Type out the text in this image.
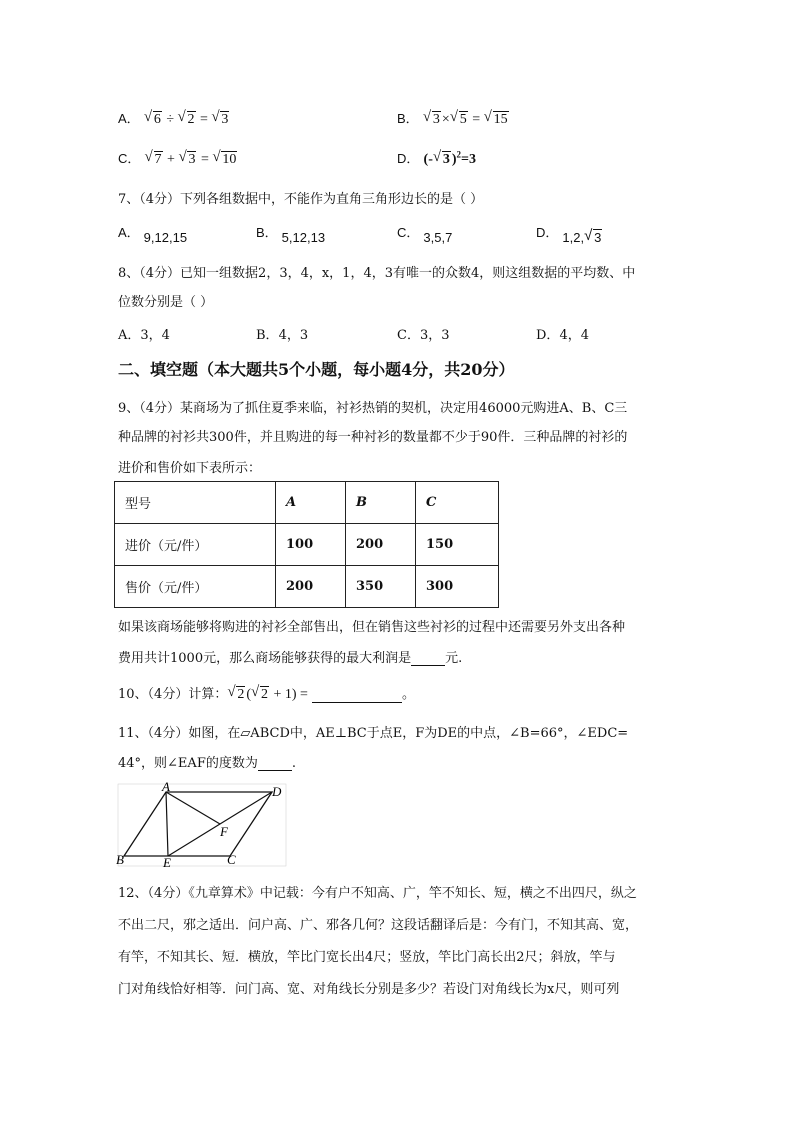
A． √ 6 ÷ √ 2 = √ 3	B． √ 3 × √ 5 = √ 15
C． √ 7 + √ 3 = √ 10	D． (- √ 3 )$^2$=3
7、（4分）下列各组数据中，不能作为直角三角形边长的是（ ）
A． 9,12,15	B． 5,12,13	C． 3,5,7	D． 1,2, √ 3
8、（4分）已知一组数据2，3，4，x，1，4，3有唯一的众数4，则这组数据的平均数、中
位数分别是（ ）
A．3，4	B．4，3	C．3，3	D．4，4
二、填空题（本大题共5个小题，每小题4分，共20分）
9、（4分）某商场为了抓住夏季来临，衬衫热销的契机，决定用46000元购进A、B、C三
种品牌的衬衫共300件，并且购进的每一种衬衫的数量都不少于90件．三种品牌的衬衫的
进价和售价如下表所示：
型号	A	B	C
进价（元/件）	100	200	150
售价（元/件）	200	350	300
如果该商场能够将购进的衬衫全部售出，但在销售这些衬衫的过程中还需要另外支出各种
费用共计1000元，那么商场能够获得的最大利润是	元.
10、（4分）计算： √ 2 ( √ 2 + 1) =	。
11、（4分）如图，在▱ABCD中，AE⊥BC于点E，F为DE的中点，∠B=66°，∠EDC=
44°，则∠EAF的度数为	.
A	D
F
B	E	C
12、（4分）《九章算术》中记载：今有户不知高、广，竿不知长、短，横之不出四尺，纵之
不出二尺，邪之适出．问户高、广、邪各几何？这段话翻译后是：今有门，不知其高、宽，
有竿，不知其长、短．横放，竿比门宽长出4尺；竖放，竿比门高长出2尺；斜放，竿与
门对角线恰好相等．问门高、宽、对角线长分别是多少？若设门对角线长为x尺，则可列
